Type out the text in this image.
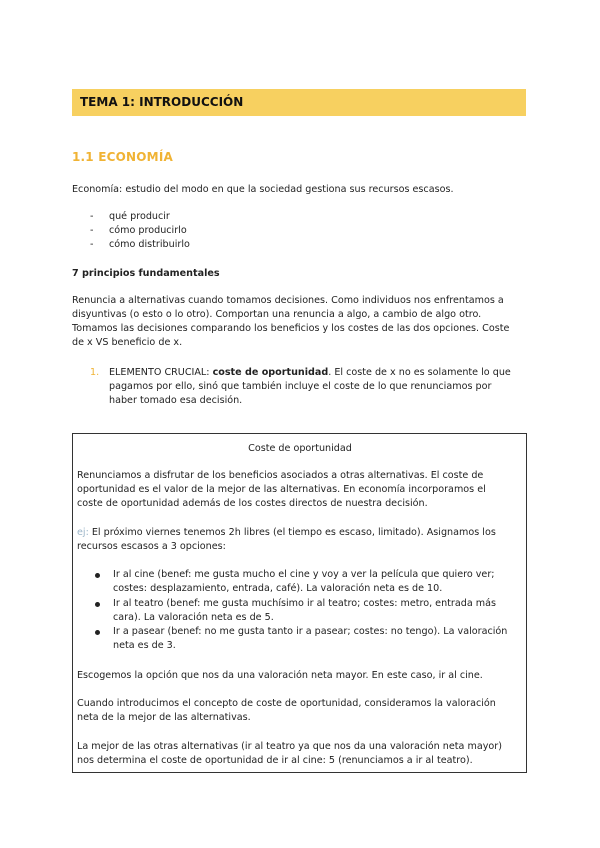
TEMA 1: INTRODUCCIÓN
1.1 ECONOMÍA
Economía: estudio del modo en que la sociedad gestiona sus recursos escasos.
- qué producir
- cómo producirlo
- cómo distribuirlo
7 principios fundamentales
Renuncia a alternativas cuando tomamos decisiones. Como individuos nos enfrentamos a
disyuntivas (o esto o lo otro). Comportan una renuncia a algo, a cambio de algo otro.
Tomamos las decisiones comparando los beneficios y los costes de las dos opciones. Coste
de x VS beneficio de x.
1. ELEMENTO CRUCIAL: coste de oportunidad. El coste de x no es solamente lo que
pagamos por ello, sinó que también incluye el coste de lo que renunciamos por
haber tomado esa decisión.
Coste de oportunidad
Renunciamos a disfrutar de los beneficios asociados a otras alternativas. El coste de
oportunidad es el valor de la mejor de las alternativas. En economía incorporamos el
coste de oportunidad además de los costes directos de nuestra decisión.
ej: El próximo viernes tenemos 2h libres (el tiempo es escaso, limitado). Asignamos los
recursos escasos a 3 opciones:
Ir al cine (benef: me gusta mucho el cine y voy a ver la película que quiero ver;
costes: desplazamiento, entrada, café). La valoración neta es de 10.
Ir al teatro (benef: me gusta muchísimo ir al teatro; costes: metro, entrada más
cara). La valoración neta es de 5.
Ir a pasear (benef: no me gusta tanto ir a pasear; costes: no tengo). La valoración
neta es de 3.
Escogemos la opción que nos da una valoración neta mayor. En este caso, ir al cine.
Cuando introducimos el concepto de coste de oportunidad, consideramos la valoración
neta de la mejor de las alternativas.
La mejor de las otras alternativas (ir al teatro ya que nos da una valoración neta mayor)
nos determina el coste de oportunidad de ir al cine: 5 (renunciamos a ir al teatro).
